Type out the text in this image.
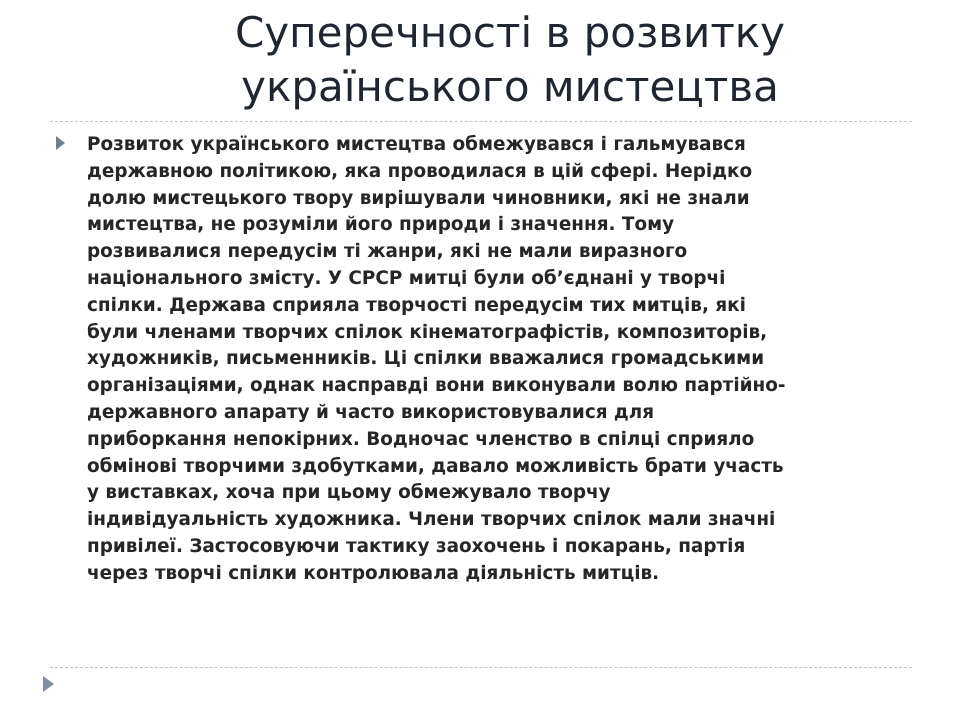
Суперечності в розвитку
українського мистецтва

Розвиток українського мистецтва обмежувався і гальмувався
державною політикою, яка проводилася в цій сфері. Нерідко
долю мистецького твору вирішували чиновники, які не знали
мистецтва, не розуміли його природи і значення. Тому
розвивалися передусім ті жанри, які не мали виразного
національного змісту. У СРСР митці були об’єднані у творчі
спілки. Держава сприяла творчості передусім тих митців, які
були членами творчих спілок кінематографістів, композиторів,
художників, письменників. Ці спілки вважалися громадськими
організаціями, однак насправді вони виконували волю партійно-
державного апарату й часто використовувалися для
приборкання непокірних. Водночас членство в спілці сприяло
обмінові творчими здобутками, давало можливість брати участь
у виставках, хоча при цьому обмежувало творчу
індивідуальність художника. Члени творчих спілок мали значні
привілеї. Застосовуючи тактику заохочень і покарань, партія
через творчі спілки контролювала діяльність митців.
